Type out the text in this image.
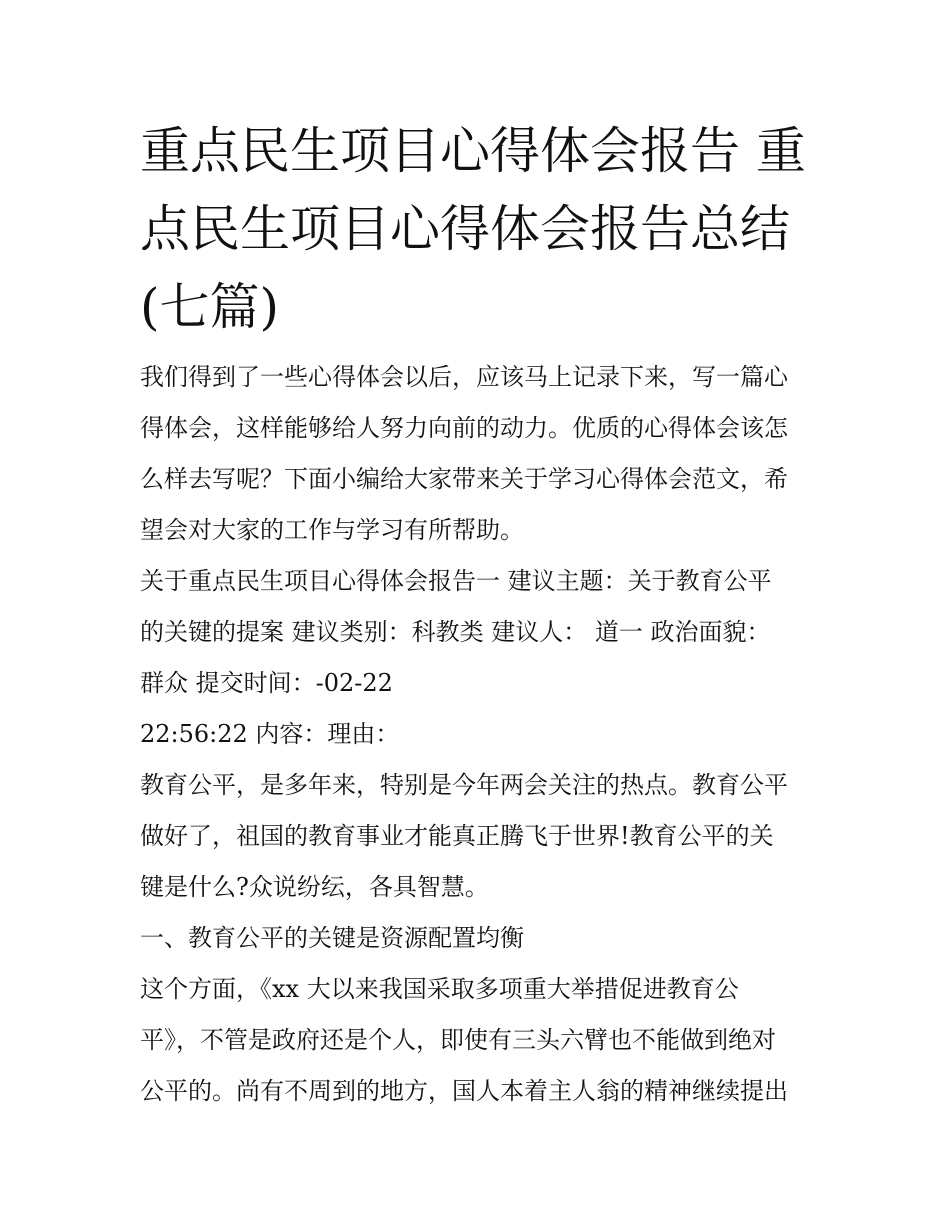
重点民生项目心得体会报告 重
点民生项目心得体会报告总结
(七篇)

我们得到了一些心得体会以后，应该马上记录下来，写一篇心
得体会，这样能够给人努力向前的动力。优质的心得体会该怎
么样去写呢？下面小编给大家带来关于学习心得体会范文，希
望会对大家的工作与学习有所帮助。

关于重点民生项目心得体会报告一 建议主题：关于教育公平
的关键的提案 建议类别：科教类 建议人： 道一 政治面貌：
群众 提交时间：-02-22

22:56:22 内容：理由：

教育公平，是多年来，特别是今年两会关注的热点。教育公平
做好了，祖国的教育事业才能真正腾飞于世界!教育公平的关
键是什么?众说纷纭，各具智慧。

一、教育公平的关键是资源配置均衡

这个方面，《xx 大以来我国采取多项重大举措促进教育公
平》，不管是政府还是个人，即使有三头六臂也不能做到绝对
公平的。尚有不周到的地方，国人本着主人翁的精神继续提出
